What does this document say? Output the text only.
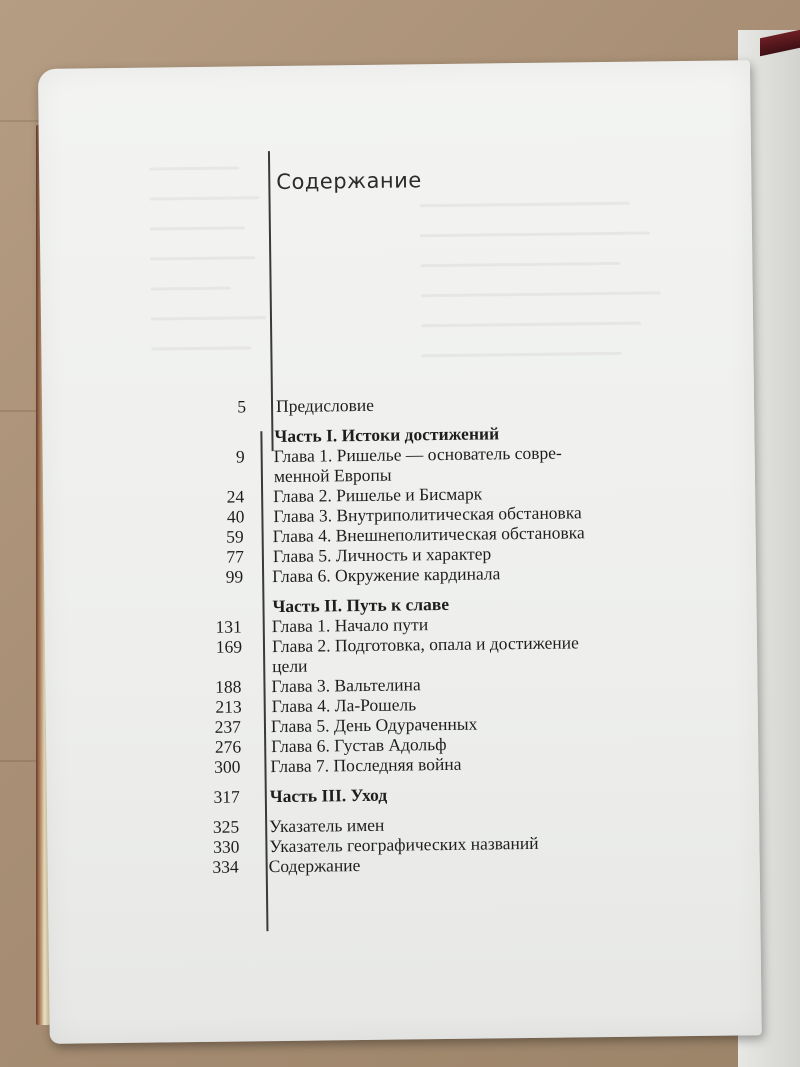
Содержание
5 Предисловие
Часть I. Истоки достижений
9 Глава 1. Ришелье — основатель совре-
менной Европы
24 Глава 2. Ришелье и Бисмарк
40 Глава 3. Внутриполитическая обстановка
59 Глава 4. Внешнеполитическая обстановка
77 Глава 5. Личность и характер
99 Глава 6. Окружение кардинала
Часть II. Путь к славе
131 Глава 1. Начало пути
169 Глава 2. Подготовка, опала и достижение
цели
188 Глава 3. Вальтелина
213 Глава 4. Ла-Рошель
237 Глава 5. День Одураченных
276 Глава 6. Густав Адольф
300 Глава 7. Последняя война
317 Часть III. Уход
325 Указатель имен
330 Указатель географических названий
334 Содержание
